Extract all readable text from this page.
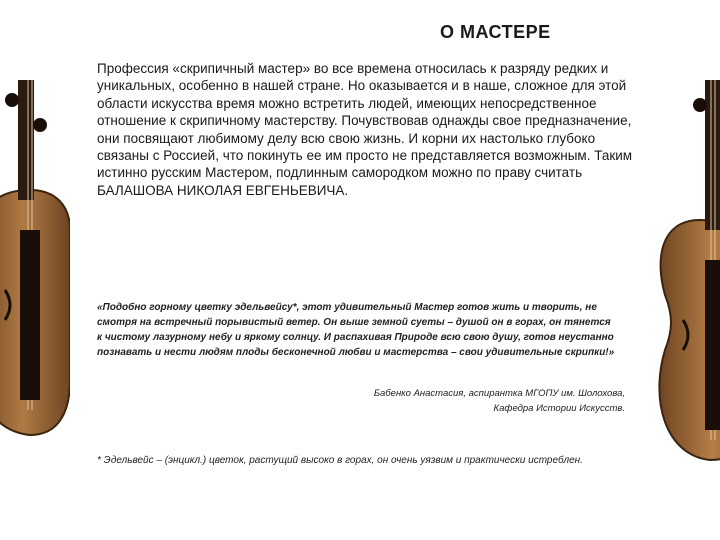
О МАСТЕРЕ
Профессия «скрипичный мастер» во все времена относилась к разряду редких и уникальных, особенно в нашей стране. Но оказывается и в наше, сложное для этой области искусства время можно встретить людей, имеющих непосредственное отношение к скрипичному мастерству. Почувствовав однажды свое предназначение, они посвящают любимому делу всю свою жизнь. И корни их настолько глубоко связаны с Россией, что покинуть ее им просто не представляется возможным. Таким истинно русским Мастером, подлинным самородком можно по праву считать БАЛАШОВА НИКОЛАЯ ЕВГЕНЬЕВИЧА.
«Подобно горному цветку эдельвейсу*, этот удивительный Мастер готов жить и творить, не смотря на встречный порывистый ветер. Он выше земной суеты – душой он в горах, он тянется к чистому лазурному небу и яркому солнцу. И распахивая Природе всю свою душу, готов неустанно познавать и нести людям плоды бесконечной любви и мастерства – свои удивительные скрипки!»
Бабенко Анастасия, аспирантка МГОПУ им. Шолохова,
Кафедра Истории Искусств.
* Эдельвейс – (энцикл.) цветок, растущий высоко в горах, он очень уязвим и практически истреблен.
